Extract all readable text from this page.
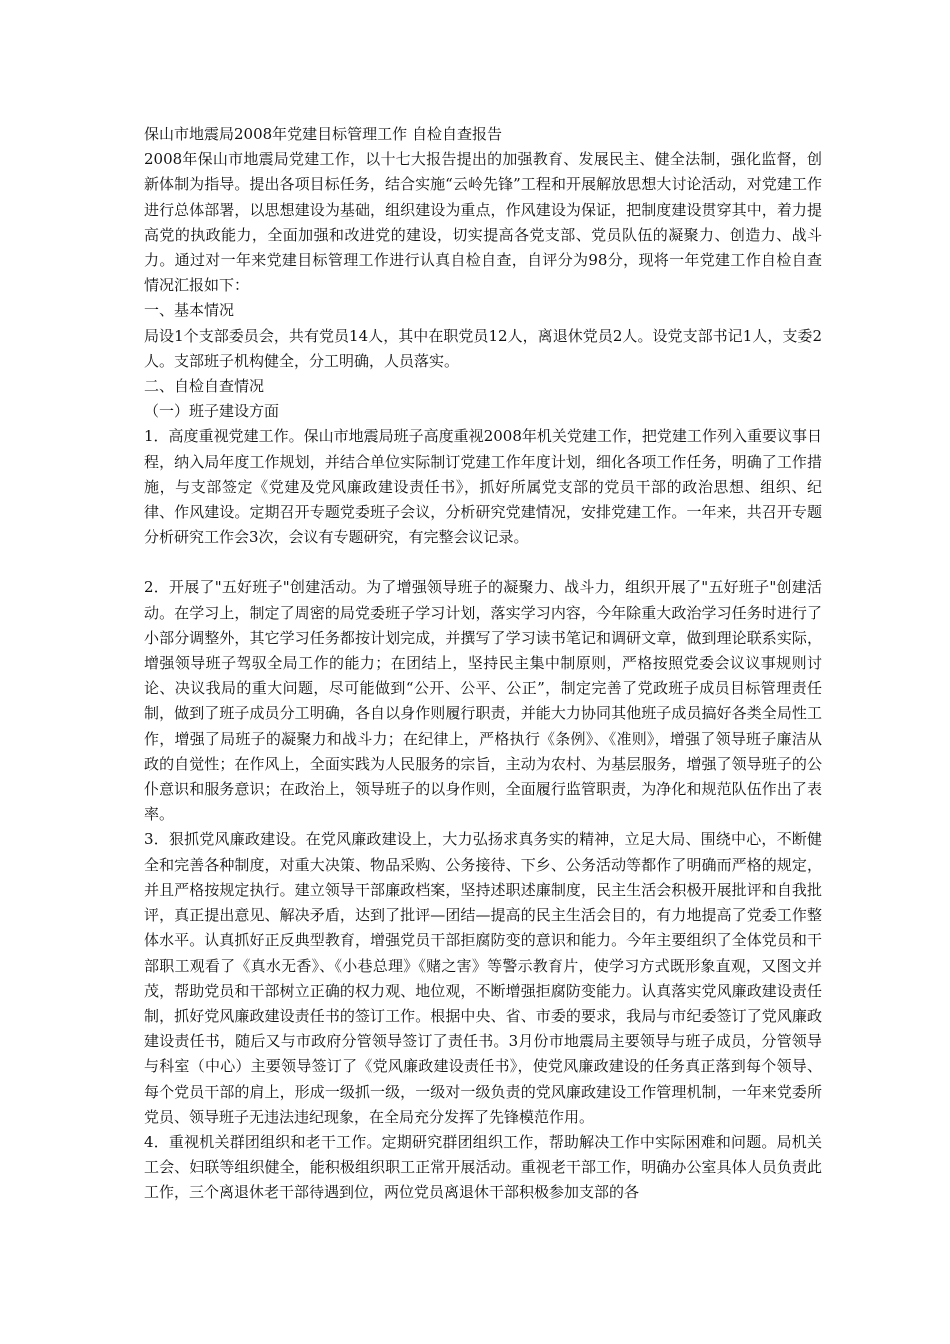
保山市地震局2008年党建目标管理工作 自检自查报告

2008年保山市地震局党建工作，以十七大报告提出的加强教育、发展民主、健全法制，强化监督，创新体制为指导。提出各项目标任务，结合实施“云岭先锋”工程和开展解放思想大讨论活动，对党建工作进行总体部署，以思想建设为基础，组织建设为重点，作风建设为保证，把制度建设贯穿其中，着力提高党的执政能力，全面加强和改进党的建设，切实提高各党支部、党员队伍的凝聚力、创造力、战斗力。通过对一年来党建目标管理工作进行认真自检自查，自评分为98分，现将一年党建工作自检自查情况汇报如下：

一、基本情况

局设1个支部委员会，共有党员14人，其中在职党员12人，离退休党员2人。设党支部书记1人，支委2人。支部班子机构健全，分工明确，人员落实。

二、自检自查情况

（一）班子建设方面

1．高度重视党建工作。保山市地震局班子高度重视2008年机关党建工作，把党建工作列入重要议事日程，纳入局年度工作规划，并结合单位实际制订党建工作年度计划，细化各项工作任务，明确了工作措施，与支部签定《党建及党风廉政建设责任书》，抓好所属党支部的党员干部的政治思想、组织、纪律、作风建设。定期召开专题党委班子会议，分析研究党建情况，安排党建工作。一年来，共召开专题分析研究工作会3次，会议有专题研究，有完整会议记录。

2．开展了"五好班子"创建活动。为了增强领导班子的凝聚力、战斗力，组织开展了"五好班子"创建活动。在学习上，制定了周密的局党委班子学习计划，落实学习内容，今年除重大政治学习任务时进行了小部分调整外，其它学习任务都按计划完成，并撰写了学习读书笔记和调研文章，做到理论联系实际，增强领导班子驾驭全局工作的能力；在团结上，坚持民主集中制原则，严格按照党委会议议事规则讨论、决议我局的重大问题，尽可能做到“公开、公平、公正”，制定完善了党政班子成员目标管理责任制，做到了班子成员分工明确，各自以身作则履行职责，并能大力协同其他班子成员搞好各类全局性工作，增强了局班子的凝聚力和战斗力；在纪律上，严格执行《条例》、《准则》，增强了领导班子廉洁从政的自觉性；在作风上，全面实践为人民服务的宗旨，主动为农村、为基层服务，增强了领导班子的公仆意识和服务意识；在政治上，领导班子的以身作则，全面履行监管职责，为净化和规范队伍作出了表率。

3．狠抓党风廉政建设。在党风廉政建设上，大力弘扬求真务实的精神，立足大局、围绕中心，不断健全和完善各种制度，对重大决策、物品采购、公务接待、下乡、公务活动等都作了明确而严格的规定，并且严格按规定执行。建立领导干部廉政档案，坚持述职述廉制度，民主生活会积极开展批评和自我批评，真正提出意见、解决矛盾，达到了批评—团结—提高的民主生活会目的，有力地提高了党委工作整体水平。认真抓好正反典型教育，增强党员干部拒腐防变的意识和能力。今年主要组织了全体党员和干部职工观看了《真水无香》、《小巷总理》《赌之害》等警示教育片，使学习方式既形象直观，又图文并茂，帮助党员和干部树立正确的权力观、地位观，不断增强拒腐防变能力。认真落实党风廉政建设责任制，抓好党风廉政建设责任书的签订工作。根据中央、省、市委的要求，我局与市纪委签订了党风廉政建设责任书，随后又与市政府分管领导签订了责任书。3月份市地震局主要领导与班子成员，分管领导与科室（中心）主要领导签订了《党风廉政建设责任书》，使党风廉政建设的任务真正落到每个领导、每个党员干部的肩上，形成一级抓一级，一级对一级负责的党风廉政建设工作管理机制，一年来党委所党员、领导班子无违法违纪现象，在全局充分发挥了先锋模范作用。

4．重视机关群团组织和老干工作。定期研究群团组织工作，帮助解决工作中实际困难和问题。局机关工会、妇联等组织健全，能积极组织职工正常开展活动。重视老干部工作，明确办公室具体人员负责此工作，三个离退休老干部待遇到位，两位党员离退休干部积极参加支部的各
